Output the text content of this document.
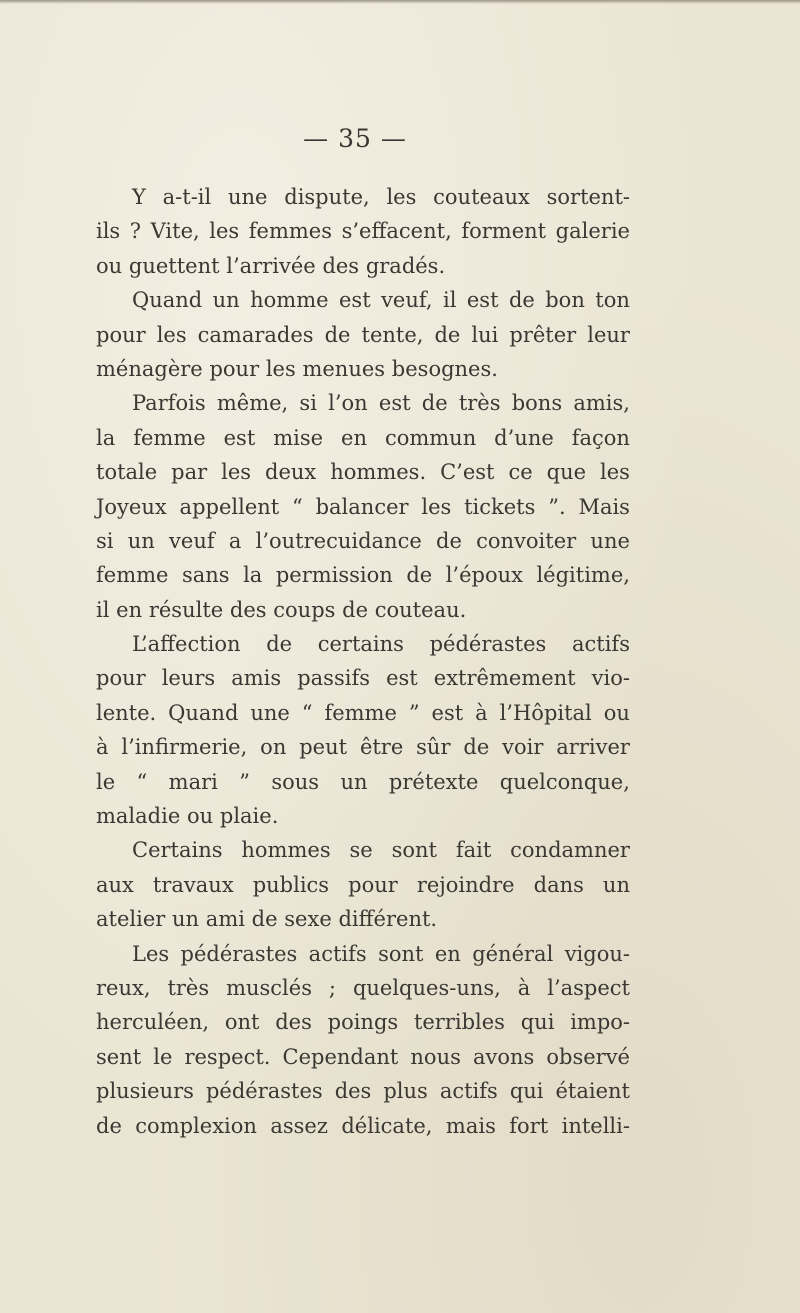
— 35 —
Y a-t-il une dispute, les couteaux sortent-
ils ? Vite, les femmes s’effacent, forment galerie
ou guettent l’arrivée des gradés.
Quand un homme est veuf, il est de bon ton
pour les camarades de tente, de lui prêter leur
ménagère pour les menues besognes.
Parfois même, si l’on est de très bons amis,
la femme est mise en commun d’une façon
totale par les deux hommes. C’est ce que les
Joyeux appellent “ balancer les tickets ”. Mais
si un veuf a l’outrecuidance de convoiter une
femme sans la permission de l’époux légitime,
il en résulte des coups de couteau.
L’affection de certains pédérastes actifs
pour leurs amis passifs est extrêmement vio-
lente. Quand une “ femme ” est à l’Hôpital ou
à l’infirmerie, on peut être sûr de voir arriver
le “ mari ” sous un prétexte quelconque,
maladie ou plaie.
Certains hommes se sont fait condamner
aux travaux publics pour rejoindre dans un
atelier un ami de sexe différent.
Les pédérastes actifs sont en général vigou-
reux, très musclés ; quelques-uns, à l’aspect
herculéen, ont des poings terribles qui impo-
sent le respect. Cependant nous avons observé
plusieurs pédérastes des plus actifs qui étaient
de complexion assez délicate, mais fort intelli-
